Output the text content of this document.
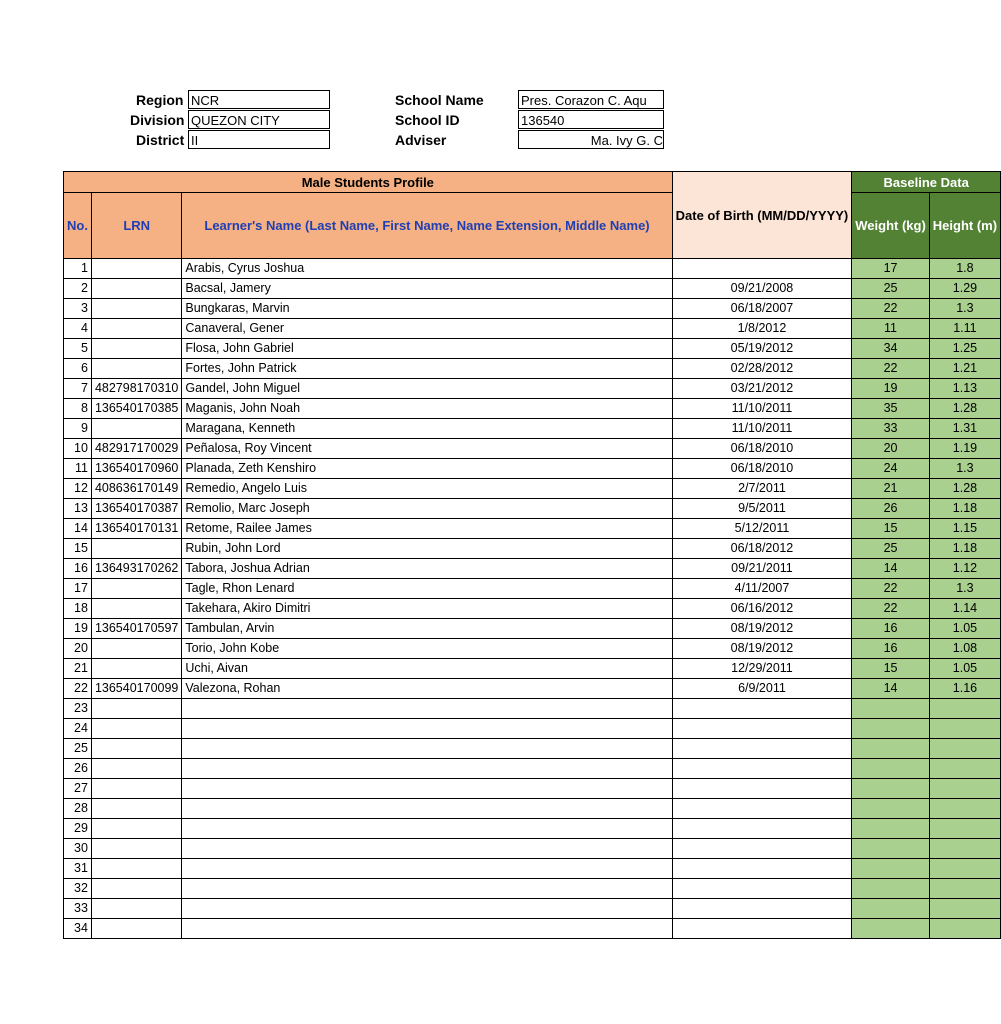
Region NCR
Division QUEZON CITY
District II
School Name	Pres. Corazon C. Aqu
School ID	136540
Adviser	Ma. Ivy G. C
Male Students Profile			Date of Birth (MM/DD/YYYY)	Baseline Data	
No.	LRN	Learner's Name (Last Name, First Name, Name Extension, Middle Name)		Weight (kg)	Height (m)
1		Arabis, Cyrus Joshua		17	1.8
2		Bacsal, Jamery	09/21/2008	25	1.29
3		Bungkaras, Marvin	06/18/2007	22	1.3
4		Canaveral, Gener	1/8/2012	11	1.11
5		Flosa, John Gabriel	05/19/2012	34	1.25
6		Fortes, John Patrick	02/28/2012	22	1.21
7	482798170310	Gandel, John Miguel	03/21/2012	19	1.13
8	136540170385	Maganis, John Noah	11/10/2011	35	1.28
9		Maragana, Kenneth	11/10/2011	33	1.31
10	482917170029	Peñalosa, Roy Vincent	06/18/2010	20	1.19
11	136540170960	Planada, Zeth Kenshiro	06/18/2010	24	1.3
12	408636170149	Remedio, Angelo Luis	2/7/2011	21	1.28
13	136540170387	Remolio, Marc Joseph	9/5/2011	26	1.18
14	136540170131	Retome, Railee James	5/12/2011	15	1.15
15		Rubin, John Lord	06/18/2012	25	1.18
16	136493170262	Tabora, Joshua Adrian	09/21/2011	14	1.12
17		Tagle, Rhon Lenard	4/11/2007	22	1.3
18		Takehara, Akiro Dimitri	06/16/2012	22	1.14
19	136540170597	Tambulan, Arvin	08/19/2012	16	1.05
20		Torio, John Kobe	08/19/2012	16	1.08
21		Uchi, Aivan	12/29/2011	15	1.05
22	136540170099	Valezona, Rohan	6/9/2011	14	1.16
23					
24					
25					
26					
27					
28					
29					
30					
31					
32					
33					
34					
